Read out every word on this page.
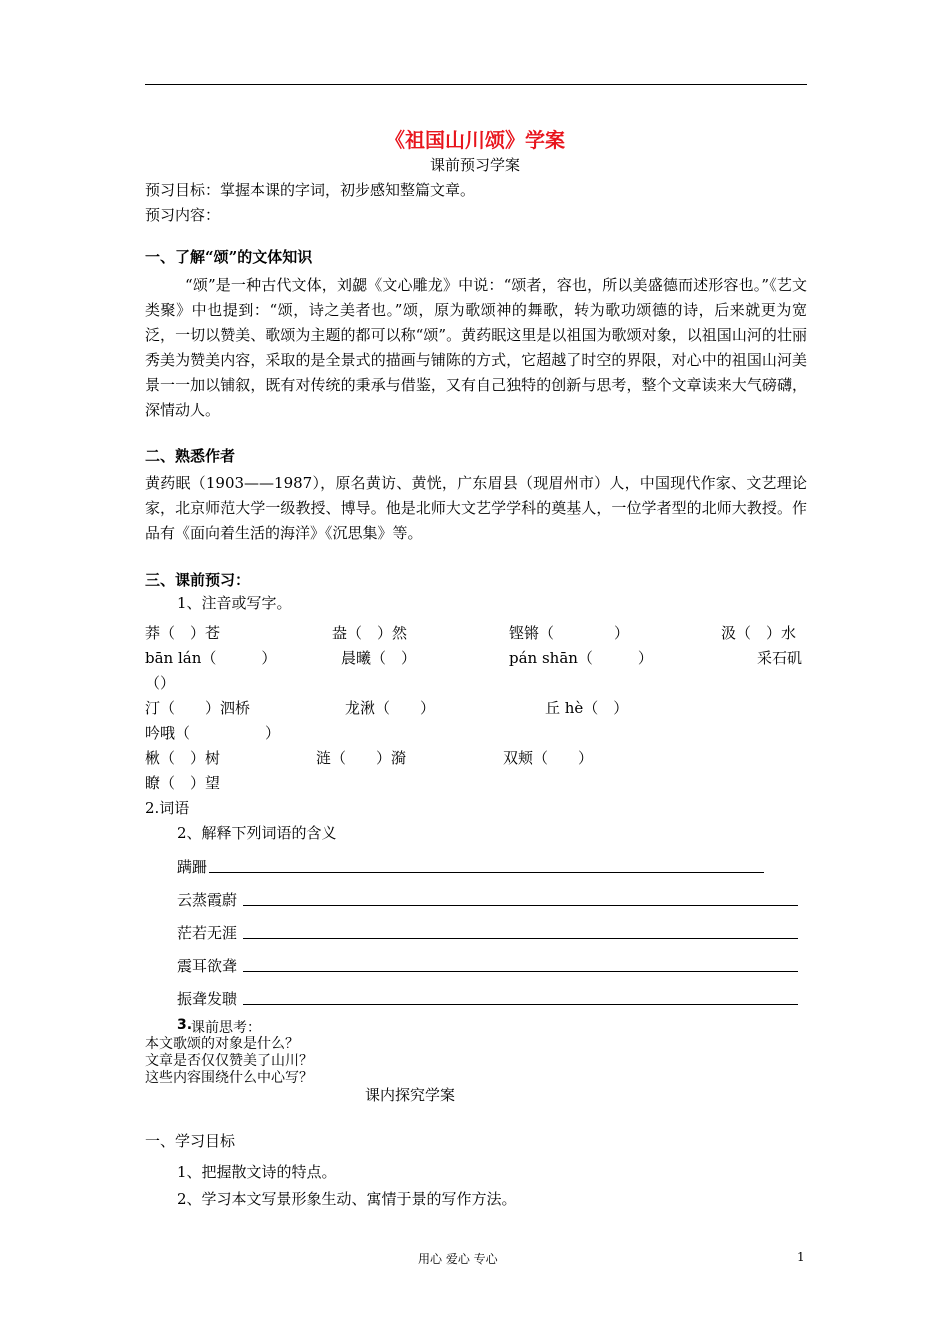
《祖国山川颂》学案
课前预习学案
预习目标：掌握本课的字词，初步感知整篇文章。
预习内容：
一、了解“颂”的文体知识
“颂”是一种古代文体，刘勰《文心雕龙》中说：“颂者，容也，所以美盛德而述形容也。”《艺文类聚》中也提到：“颂，诗之美者也。”颂，原为歌颂神的舞歌，转为歌功颂德的诗，后来就更为宽泛，一切以赞美、歌颂为主题的都可以称“颂”。黄药眠这里是以祖国为歌颂对象，以祖国山河的壮丽秀美为赞美内容，采取的是全景式的描画与铺陈的方式，它超越了时空的界限，对心中的祖国山河美景一一加以铺叙，既有对传统的秉承与借鉴，又有自己独特的创新与思考，整个文章读来大气磅礴，深情动人。
二、熟悉作者
黄药眠（1903——1987），原名黄访、黄恍，广东眉县（现眉州市）人，中国现代作家、文艺理论家，北京师范大学一级教授、博导。他是北师大文艺学学科的奠基人，一位学者型的北师大教授。作品有《面向着生活的海洋》《沉思集》等。
三、课前预习：
1、注音或写字。
莽（　）苍	盎（　）然	铿锵（　　　　）	汲（　）水
bān lán（　　　）	晨曦（　）	pán shān（　　　）	采石矶
（）
汀（　　）泗桥	龙湫（　　）	丘 hè（　）
吟哦（　　　　　）
楸（　）树	涟（　　）漪	双颊（　　）
瞭（　）望
2.词语
2、解释下列词语的含义
蹒跚
云蒸霞蔚
茫若无涯
震耳欲聋
振聋发聩
3.
课前思考：
本文歌颂的对象是什么？
文章是否仅仅赞美了山川？
这些内容围绕什么中心写？
课内探究学案
一、学习目标
1、把握散文诗的特点。
2、学习本文写景形象生动、寓情于景的写作方法。
用心 爱心 专心	1
